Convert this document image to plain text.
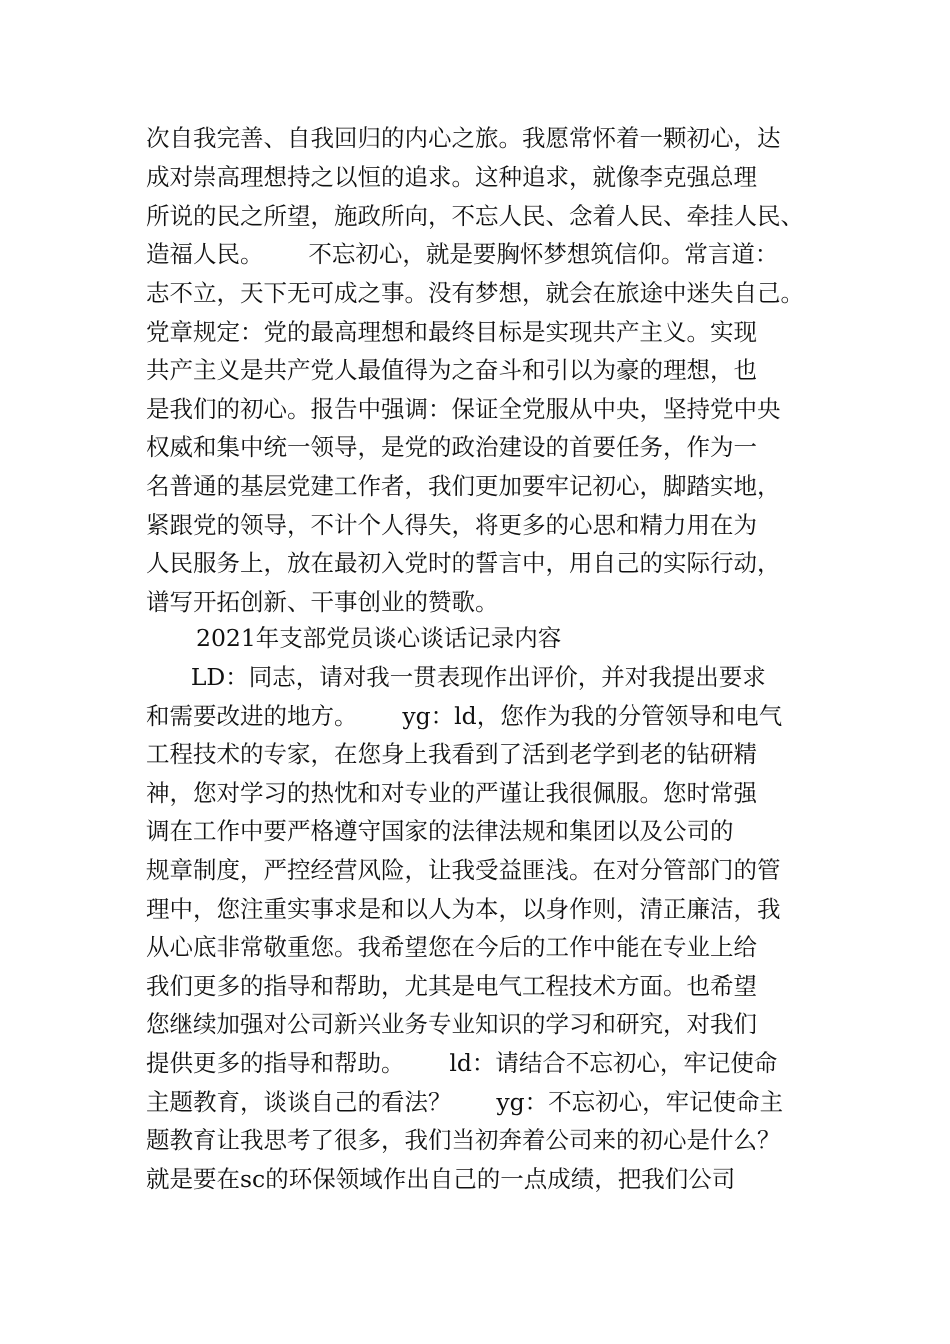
次自我完善、自我回归的内心之旅。我愿常怀着一颗初心，达
成对崇高理想持之以恒的追求。这种追求，就像李克强总理
所说的民之所望，施政所向，不忘人民、念着人民、牵挂人民、
造福人民。      不忘初心，就是要胸怀梦想筑信仰。常言道：
志不立，天下无可成之事。没有梦想，就会在旅途中迷失自己。
党章规定：党的最高理想和最终目标是实现共产主义。实现
共产主义是共产党人最值得为之奋斗和引以为豪的理想，也
是我们的初心。报告中强调：保证全党服从中央，坚持党中央
权威和集中统一领导，是党的政治建设的首要任务，作为一
名普通的基层党建工作者，我们更加要牢记初心，脚踏实地，
紧跟党的领导，不计个人得失，将更多的心思和精力用在为
人民服务上，放在最初入党时的誓言中，用自己的实际行动，
谱写开拓创新、干事创业的赞歌。
2021年支部党员谈心谈话记录内容
LD：同志，请对我一贯表现作出评价，并对我提出要求
和需要改进的地方。      yg：ld，您作为我的分管领导和电气
工程技术的专家，在您身上我看到了活到老学到老的钻研精
神，您对学习的热忱和对专业的严谨让我很佩服。您时常强
调在工作中要严格遵守国家的法律法规和集团以及公司的
规章制度，严控经营风险，让我受益匪浅。在对分管部门的管
理中，您注重实事求是和以人为本，以身作则，清正廉洁，我
从心底非常敬重您。我希望您在今后的工作中能在专业上给
我们更多的指导和帮助，尤其是电气工程技术方面。也希望
您继续加强对公司新兴业务专业知识的学习和研究，对我们
提供更多的指导和帮助。      ld：请结合不忘初心，牢记使命
主题教育，谈谈自己的看法？      yg：不忘初心，牢记使命主
题教育让我思考了很多，我们当初奔着公司来的初心是什么？
就是要在sc的环保领域作出自己的一点成绩，把我们公司
